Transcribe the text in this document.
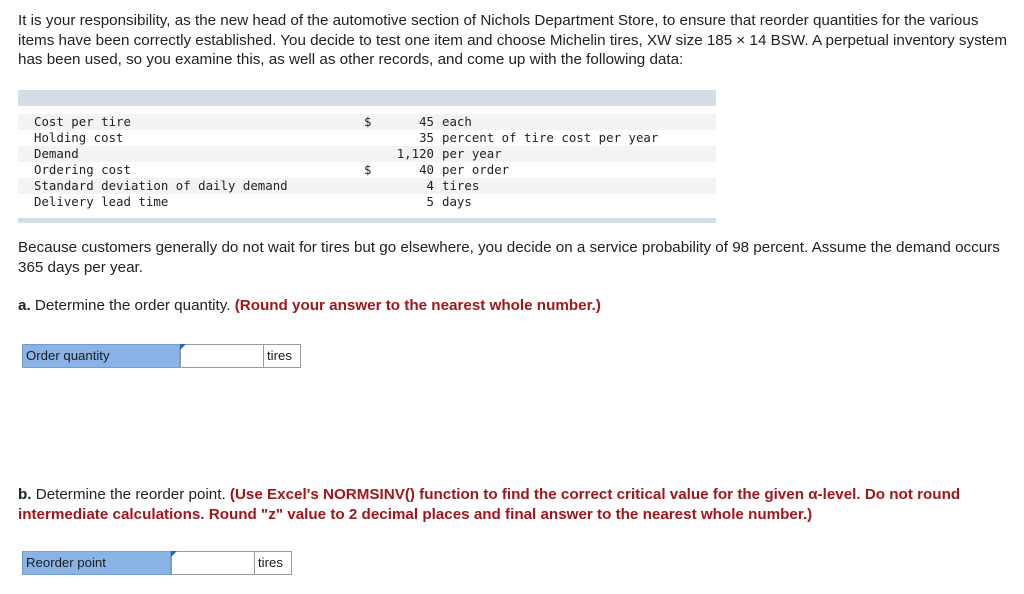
It is your responsibility, as the new head of the automotive section of Nichols Department Store, to ensure that reorder quantities for the various items have been correctly established. You decide to test one item and choose Michelin tires, XW size 185 × 14 BSW. A perpetual inventory system has been used, so you examine this, as well as other records, and come up with the following data:

Cost per tire	$	45	each
Holding cost		35	percent of tire cost per year
Demand		1,120	per year
Ordering cost	$	40	per order
Standard deviation of daily demand		4	tires
Delivery lead time		5	days

Because customers generally do not wait for tires but go elsewhere, you decide on a service probability of 98 percent. Assume the demand occurs 365 days per year.

a. Determine the order quantity. (Round your answer to the nearest whole number.)

Order quantity	tires

b. Determine the reorder point. (Use Excel's NORMSINV() function to find the correct critical value for the given α-level. Do not round intermediate calculations. Round "z" value to 2 decimal places and final answer to the nearest whole number.)

Reorder point	tires
